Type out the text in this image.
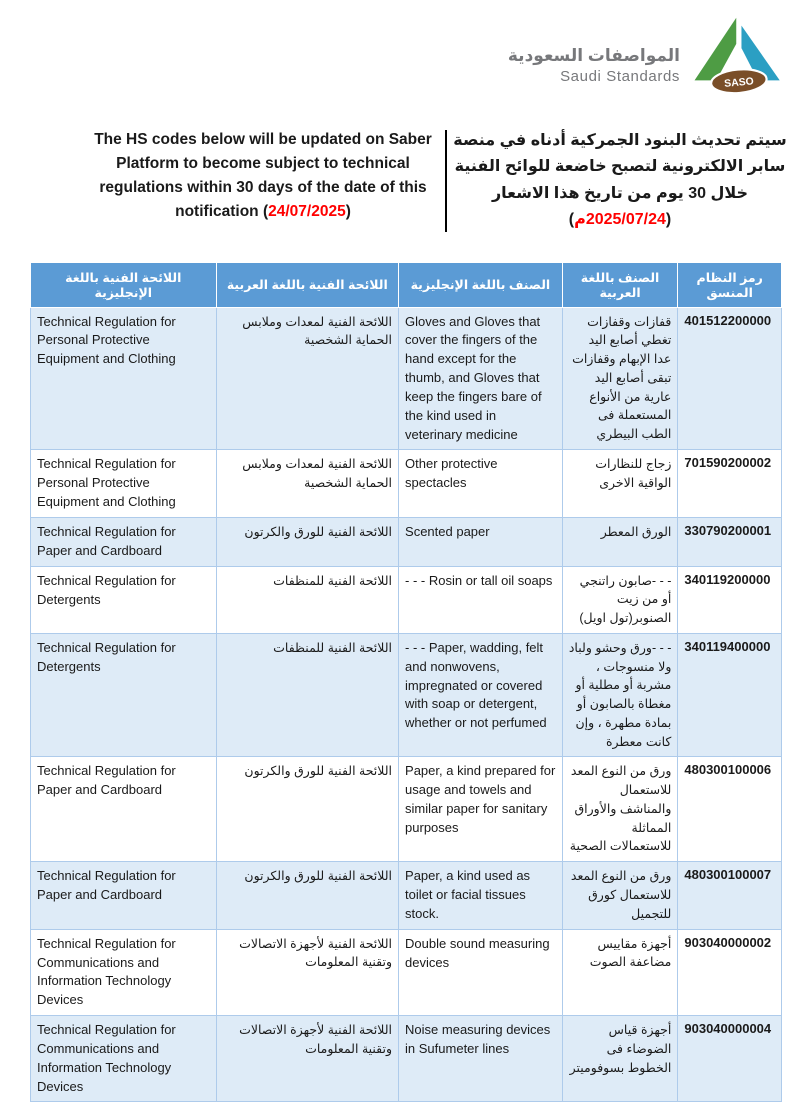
المواصفات السعودية
Saudi Standards	SASO
The HS codes below will be updated on Saber Platform to become subject to technical regulations within 30 days of the date of this notification (24/07/2025)
سيتم تحديث البنود الجمركية أدناه في منصة سابر الالكترونية لتصبح خاضعة للوائح الفنية خلال 30 يوم من تاريخ هذا الاشعار (2025/07/24م)
رمز النظام المنسق	الصنف باللغة العربية	الصنف باللغة الإنجليزية	اللائحة الفنية باللغة العربية	اللائحة الفنية باللغة الإنجليزية
401512200000	قفازات وقفازات تغطي أصابع اليد عدا الإبهام وقفازات تبقى أصابع اليد عارية من الأنواع المستعملة فى الطب البيطري	Gloves and Gloves that cover the fingers of the hand except for the thumb, and Gloves that keep the fingers bare of the kind used in veterinary medicine	اللائحة الفنية لمعدات وملابس الحماية الشخصية	Technical Regulation for Personal Protective Equipment and Clothing
701590200002	زجاج للنظارات الواقية الاخرى	Other protective spectacles	اللائحة الفنية لمعدات وملابس الحماية الشخصية	Technical Regulation for Personal Protective Equipment and Clothing
330790200001	الورق المعطر	Scented paper	اللائحة الفنية للورق والكرتون	Technical Regulation for Paper and Cardboard
340119200000	- - -صابون راتنجي أو من زيت الصنوبر(تول اويل)	- - - Rosin or tall oil soaps	اللائحة الفنية للمنظفات	Technical Regulation for Detergents
340119400000	- - -ورق وحشو ولباد ولا منسوجات ، مشربة أو مطلية أو مغطاة بالصابون أو بمادة مطهرة ، وإن كانت معطرة	- - - Paper, wadding, felt and nonwovens, impregnated or covered with soap or detergent, whether or not perfumed	اللائحة الفنية للمنظفات	Technical Regulation for Detergents
480300100006	ورق من النوع المعد للاستعمال والمناشف والأوراق المماثلة للاستعمالات الصحية	Paper, a kind prepared for usage and towels and similar paper for sanitary purposes	اللائحة الفنية للورق والكرتون	Technical Regulation for Paper and Cardboard
480300100007	ورق من النوع المعد للاستعمال كورق للتجميل	Paper, a kind used as toilet or facial tissues stock.	اللائحة الفنية للورق والكرتون	Technical Regulation for Paper and Cardboard
903040000002	أجهزة مقاييس مضاعفة الصوت	Double sound measuring devices	اللائحة الفنية لأجهزة الاتصالات وتقنية المعلومات	Technical Regulation for Communications and Information Technology Devices
903040000004	أجهزة قياس الضوضاء فى الخطوط بسوفوميتر	Noise measuring devices in Sufumeter lines	اللائحة الفنية لأجهزة الاتصالات وتقنية المعلومات	Technical Regulation for Communications and Information Technology Devices
